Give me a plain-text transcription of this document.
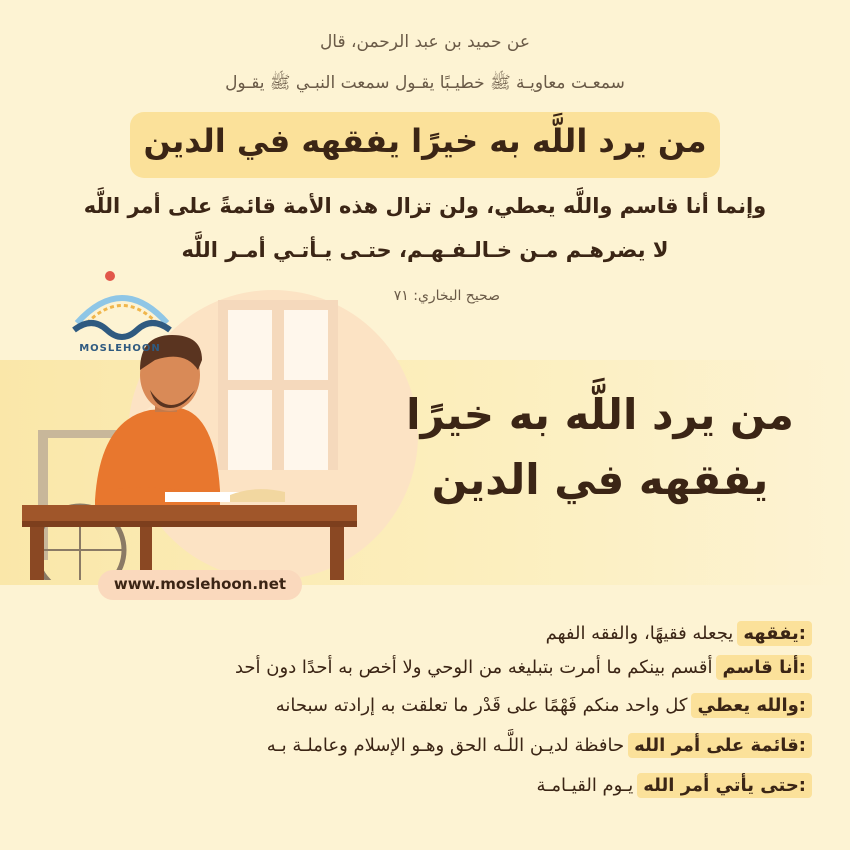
عن حميد بن عبد الرحمن، قال
سمعـت معاويـة ﷺ خطيـبًا يقـول سمعت النبـي ﷺ يقـول
من يرد اللَّه به خيرًا يفقهه في الدين
وإنما أنا قاسم واللَّه يعطي، ولن تزال هذه الأمة قائمةً على أمر اللَّه
لا يضرهـم مـن خـالـفـهـم، حتـى يـأتـي أمـر اللَّه
صحيح البخاري: ٧١
MOSLEHOON
من يرد اللَّه به خيرًا
يفقهه في الدين
www.moslehoon.net
يفقهه:
يجعله فقيهًا، والفقه الفهم
أنا قاسم:
أقسم بينكم ما أمرت بتبليغه من الوحي ولا أخص به أحدًا دون أحد
والله يعطي:
كل واحد منكم فَهْمًا على قَدْر ما تعلقت به إرادته سبحانه
قائمة على أمر الله:
حافظة لديـن اللَّـه الحق وهـو الإسلام وعاملـة بـه
حتى يأتي أمر الله:
يـوم القيـامـة
